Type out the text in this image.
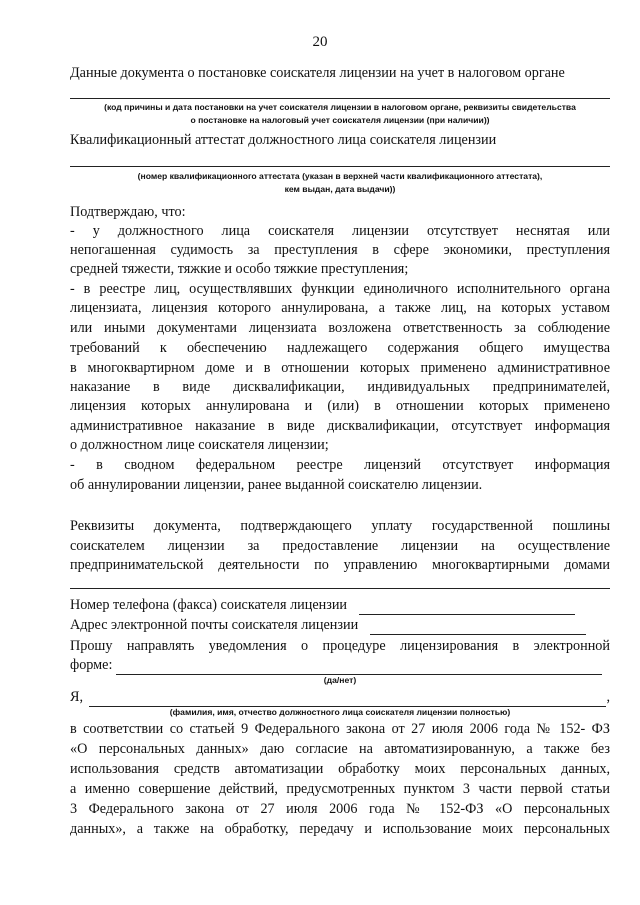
20
Данные документа о постановке соискателя лицензии на учет в налоговом органе
(код причины и дата постановки на учет соискателя лицензии в налоговом органе, реквизиты свидетельства
о постановке на налоговый учет соискателя лицензии (при наличии))
Квалификационный аттестат должностного лица соискателя лицензии
(номер квалификационного аттестата (указан в верхней части квалификационного аттестата),
кем выдан, дата выдачи))
Подтверждаю, что:
- у должностного лица соискателя лицензии отсутствует неснятая или
непогашенная судимость за преступления в сфере экономики, преступления
средней тяжести, тяжкие и особо тяжкие преступления;
- в реестре лиц, осуществлявших функции единоличного исполнительного органа
лицензиата, лицензия которого аннулирована, а также лиц, на которых уставом
или иными документами лицензиата возложена ответственность за соблюдение
требований к обеспечению надлежащего содержания общего имущества
в многоквартирном доме и в отношении которых применено административное
наказание в виде дисквалификации, индивидуальных предпринимателей,
лицензия которых аннулирована и (или) в отношении которых применено
административное наказание в виде дисквалификации, отсутствует информация
о должностном лице соискателя лицензии;
- в сводном федеральном реестре лицензий отсутствует информация
об аннулировании лицензии, ранее выданной соискателю лицензии.
Реквизиты документа, подтверждающего уплату государственной пошлины
соискателем лицензии за предоставление лицензии на осуществление
предпринимательской деятельности по управлению многоквартирными домами
Номер телефона (факса) соискателя лицензии
Адрес электронной почты соискателя лицензии
Прошу направлять уведомления о процедуре лицензирования в электронной
форме:
(да/нет)
Я,	,
(фамилия, имя, отчество должностного лица соискателя лицензии полностью)
в соответствии со статьей 9 Федерального закона от 27 июля 2006 года № 152- ФЗ
«О персональных данных» даю согласие на автоматизированную, а также без
использования средств автоматизации обработку моих персональных данных,
а именно совершение действий, предусмотренных пунктом 3 части первой статьи
3 Федерального закона от 27 июля 2006 года № 152-ФЗ «О персональных
данных», а также на обработку, передачу и использование моих персональных
